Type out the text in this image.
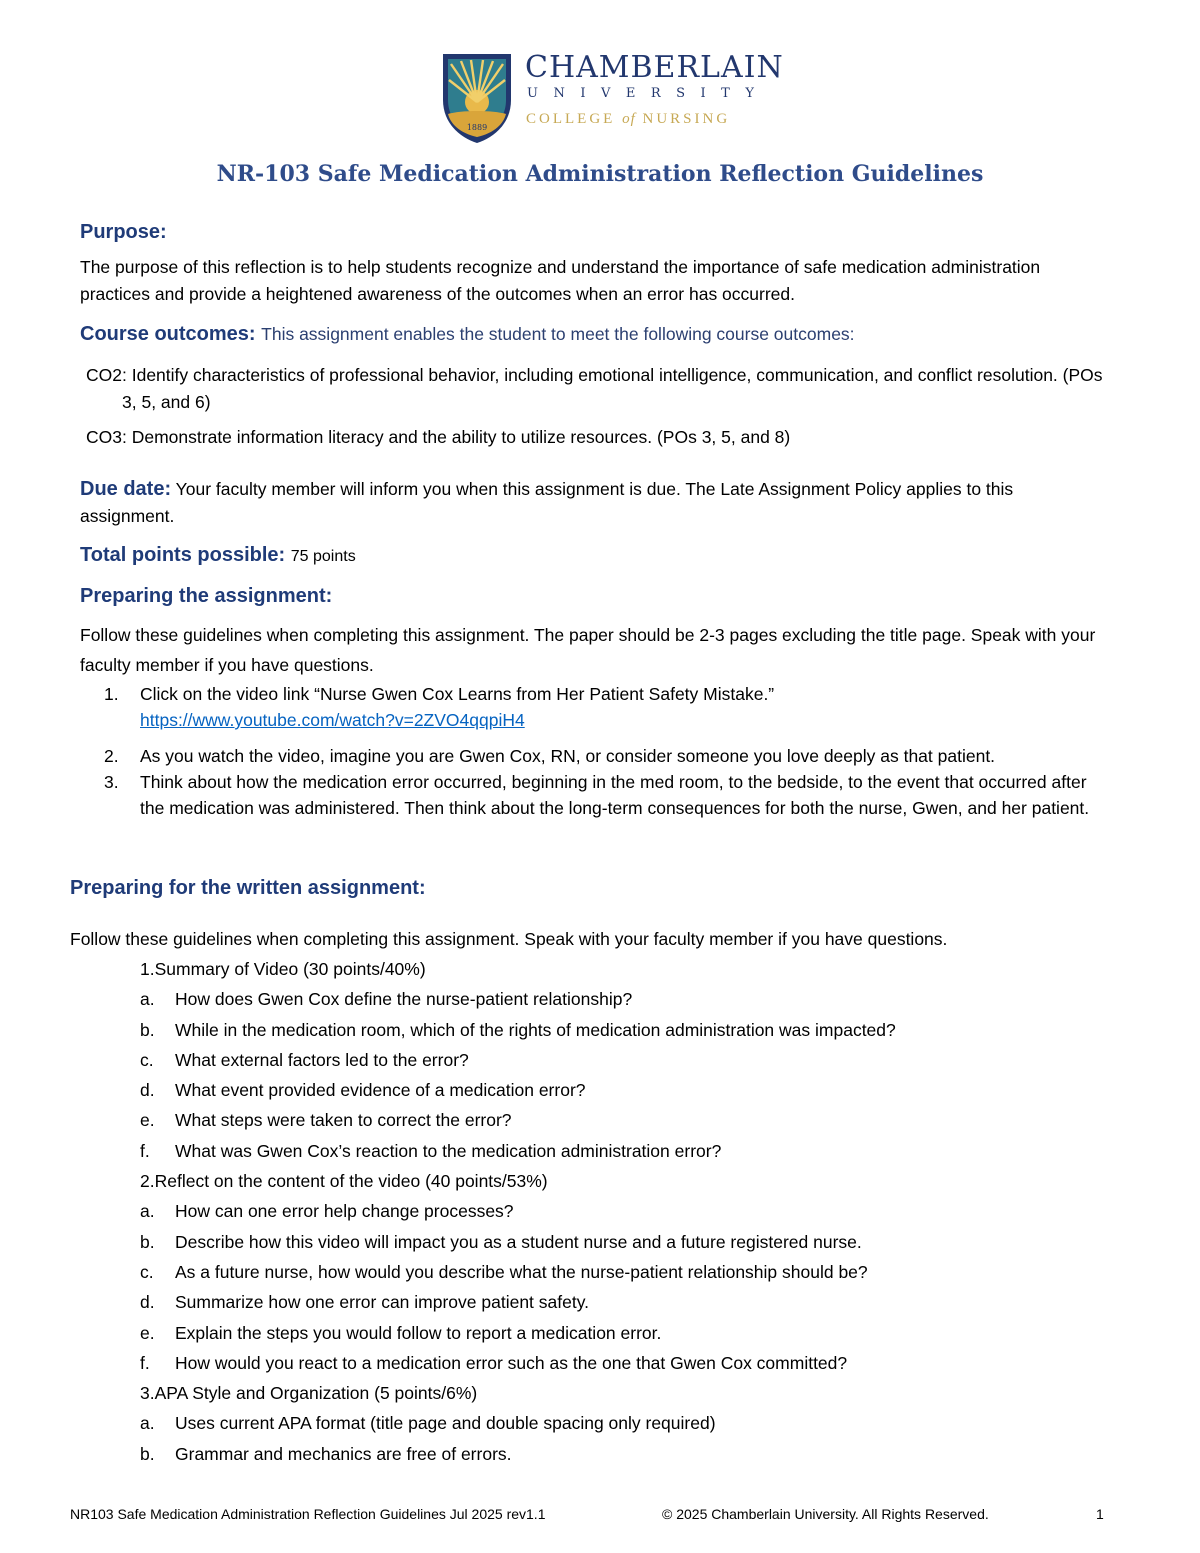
1889
CHAMBERLAIN
UNIVERSITY
COLLEGE of NURSING
NR-103 Safe Medication Administration Reflection Guidelines
Purpose:

The purpose of this reflection is to help students recognize and understand the importance of safe medication administration practices and provide a heightened awareness of the outcomes when an error has occurred.

Course outcomes: This assignment enables the student to meet the following course outcomes:
CO2: Identify characteristics of professional behavior, including emotional intelligence, communication, and conflict resolution. (POs 3, 5, and 6)
CO3: Demonstrate information literacy and the ability to utilize resources. (POs 3, 5, and 8)

Due date: Your faculty member will inform you when this assignment is due. The Late Assignment Policy applies to this assignment.

Total points possible: 75 points
Preparing the assignment:

Follow these guidelines when completing this assignment. The paper should be 2-3 pages excluding the title page. Speak with your faculty member if you have questions.

1. Click on the video link “Nurse Gwen Cox Learns from Her Patient Safety Mistake.”
https://www.youtube.com/watch?v=2ZVO4qqpiH4
2. As you watch the video, imagine you are Gwen Cox, RN, or consider someone you love deeply as that patient.
3. Think about how the medication error occurred, beginning in the med room, to the bedside, to the event that occurred after the medication was administered. Then think about the long-term consequences for both the nurse, Gwen, and her patient.
Preparing for the written assignment:

Follow these guidelines when completing this assignment. Speak with your faculty member if you have questions.

1.Summary of Video (30 points/40%)
a. How does Gwen Cox define the nurse-patient relationship?
b. While in the medication room, which of the rights of medication administration was impacted?
c. What external factors led to the error?
d. What event provided evidence of a medication error?
e. What steps were taken to correct the error?
f. What was Gwen Cox’s reaction to the medication administration error?
2.Reflect on the content of the video (40 points/53%)
a. How can one error help change processes?
b. Describe how this video will impact you as a student nurse and a future registered nurse.
c. As a future nurse, how would you describe what the nurse-patient relationship should be?
d. Summarize how one error can improve patient safety.
e. Explain the steps you would follow to report a medication error.
f. How would you react to a medication error such as the one that Gwen Cox committed?
3.APA Style and Organization (5 points/6%)
a. Uses current APA format (title page and double spacing only required)
b. Grammar and mechanics are free of errors.
NR103 Safe Medication Administration Reflection Guidelines Jul 2025 rev1.1	© 2025 Chamberlain University. All Rights Reserved.	1
